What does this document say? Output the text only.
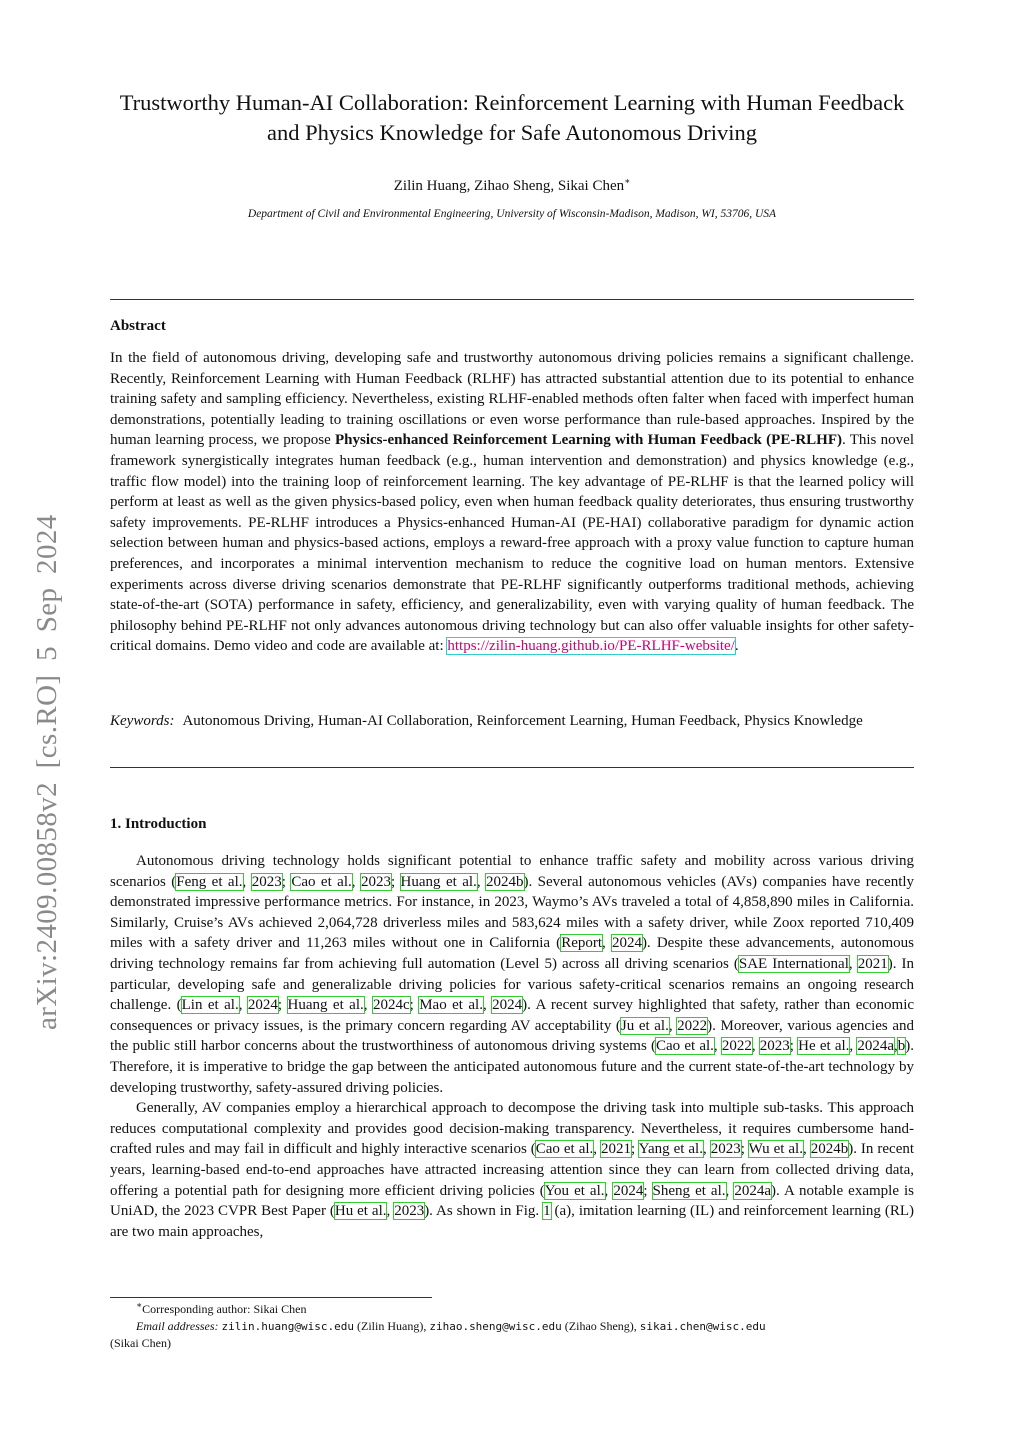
arXiv:2409.00858v2 [cs.RO] 5 Sep 2024
Trustworthy Human-AI Collaboration: Reinforcement Learning with Human Feedback and Physics Knowledge for Safe Autonomous Driving
Zilin Huang, Zihao Sheng, Sikai Chen∗
Department of Civil and Environmental Engineering, University of Wisconsin-Madison, Madison, WI, 53706, USA
Abstract

In the field of autonomous driving, developing safe and trustworthy autonomous driving policies remains a significant challenge. Recently, Reinforcement Learning with Human Feedback (RLHF) has attracted substantial attention due to its potential to enhance training safety and sampling efficiency. Nevertheless, existing RLHF-enabled methods often falter when faced with imperfect human demonstrations, potentially leading to training oscillations or even worse performance than rule-based approaches. Inspired by the human learning process, we propose Physics-enhanced Reinforcement Learning with Human Feedback (PE-RLHF). This novel framework synergistically integrates human feedback (e.g., human intervention and demonstration) and physics knowledge (e.g., traffic flow model) into the training loop of reinforcement learning. The key advantage of PE-RLHF is that the learned policy will perform at least as well as the given physics-based policy, even when human feedback quality deteriorates, thus ensuring trustworthy safety improvements. PE-RLHF introduces a Physics-enhanced Human-AI (PE-HAI) collaborative paradigm for dynamic action selection between human and physics-based actions, employs a reward-free approach with a proxy value function to capture human preferences, and incorporates a minimal intervention mechanism to reduce the cognitive load on human mentors. Extensive experiments across diverse driving scenarios demonstrate that PE-RLHF significantly outperforms traditional methods, achieving state-of-the-art (SOTA) performance in safety, efficiency, and generalizability, even with varying quality of human feedback. The philosophy behind PE-RLHF not only advances autonomous driving technology but can also offer valuable insights for other safety-critical domains. Demo video and code are available at: https://zilin-huang.github.io/PE-RLHF-website/.

Keywords: Autonomous Driving, Human-AI Collaboration, Reinforcement Learning, Human Feedback, Physics Knowledge

1. Introduction

Autonomous driving technology holds significant potential to enhance traffic safety and mobility across various driving scenarios (Feng et al., 2023; Cao et al., 2023; Huang et al., 2024b). Several autonomous vehicles (AVs) companies have recently demonstrated impressive performance metrics. For instance, in 2023, Waymo’s AVs traveled a total of 4,858,890 miles in California. Similarly, Cruise’s AVs achieved 2,064,728 driverless miles and 583,624 miles with a safety driver, while Zoox reported 710,409 miles with a safety driver and 11,263 miles without one in California (Report, 2024). Despite these advancements, autonomous driving technology remains far from achieving full automation (Level 5) across all driving scenarios (SAE International, 2021). In particular, developing safe and generalizable driving policies for various safety-critical scenarios remains an ongoing research challenge. (Lin et al., 2024; Huang et al., 2024c; Mao et al., 2024). A recent survey highlighted that safety, rather than economic consequences or privacy issues, is the primary concern regarding AV acceptability (Ju et al., 2022). Moreover, various agencies and the public still harbor concerns about the trustworthiness of autonomous driving systems (Cao et al., 2022, 2023; He et al., 2024a,b). Therefore, it is imperative to bridge the gap between the anticipated autonomous future and the current state-of-the-art technology by developing trustworthy, safety-assured driving policies.

Generally, AV companies employ a hierarchical approach to decompose the driving task into multiple sub-tasks. This approach reduces computational complexity and provides good decision-making transparency. Nevertheless, it requires cumbersome hand-crafted rules and may fail in difficult and highly interactive scenarios (Cao et al., 2021; Yang et al., 2023; Wu et al., 2024b). In recent years, learning-based end-to-end approaches have attracted increasing attention since they can learn from collected driving data, offering a potential path for designing more efficient driving policies (You et al., 2024; Sheng et al., 2024a). A notable example is UniAD, the 2023 CVPR Best Paper (Hu et al., 2023). As shown in Fig. 1 (a), imitation learning (IL) and reinforcement learning (RL) are two main approaches,

∗Corresponding author: Sikai Chen
Email addresses: zilin.huang@wisc.edu (Zilin Huang), zihao.sheng@wisc.edu (Zihao Sheng), sikai.chen@wisc.edu
(Sikai Chen)
